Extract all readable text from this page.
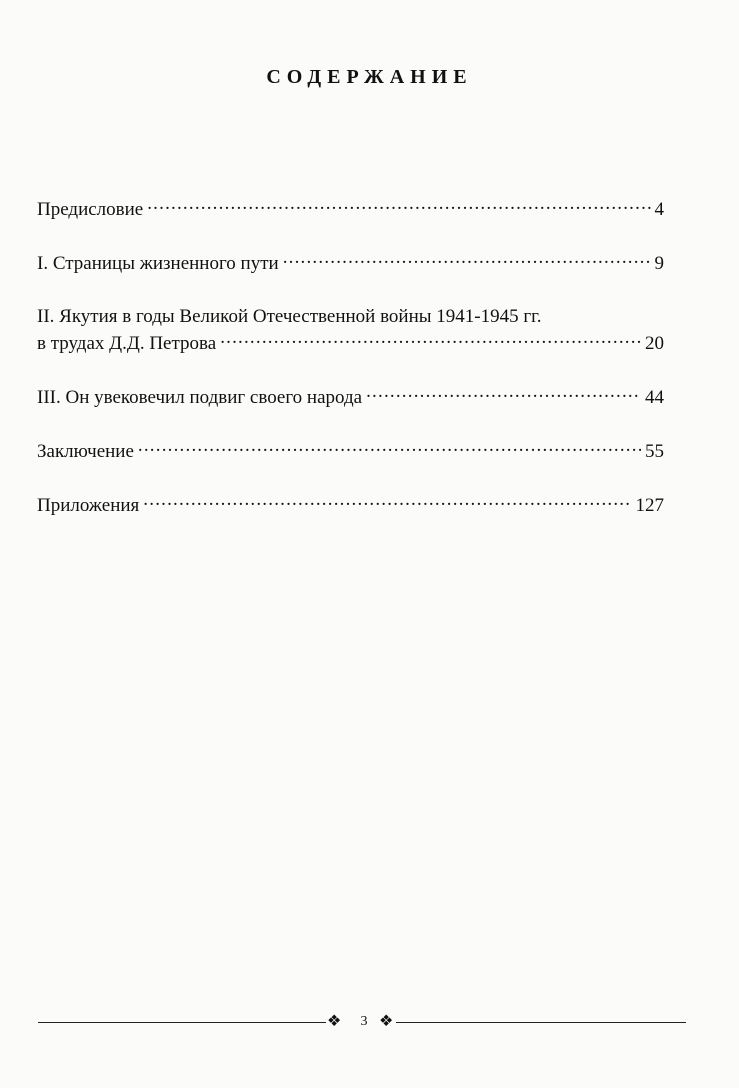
СОДЕРЖАНИЕ
Предисловие .....	4
I. Страницы жизненного пути .....	9
II. Якутия в годы Великой Отечественной войны 1941-1945 гг.
в трудах Д.Д. Петрова .....	20
III. Он увековечил подвиг своего народа .....	44
Заключение .....	55
Приложения .....	127
❖	3 ❖
